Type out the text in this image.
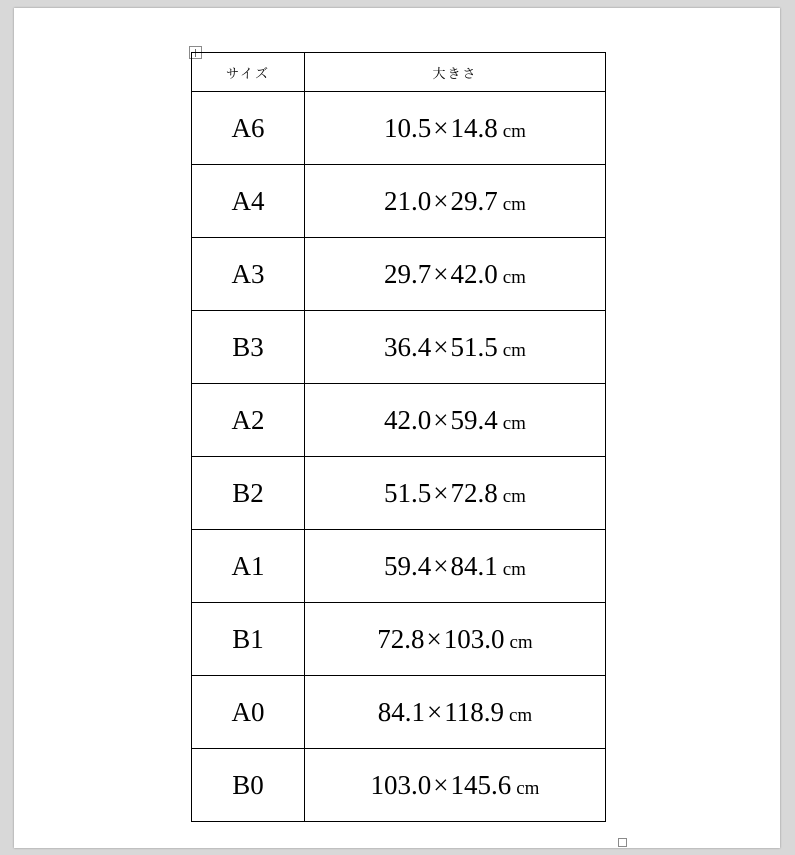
サイズ	大きさ
A6	10.5×14.8 cm
A4	21.0×29.7 cm
A3	29.7×42.0 cm
B3	36.4×51.5 cm
A2	42.0×59.4 cm
B2	51.5×72.8 cm
A1	59.4×84.1 cm
B1	72.8×103.0 cm
A0	84.1×118.9 cm
B0	103.0×145.6 cm
